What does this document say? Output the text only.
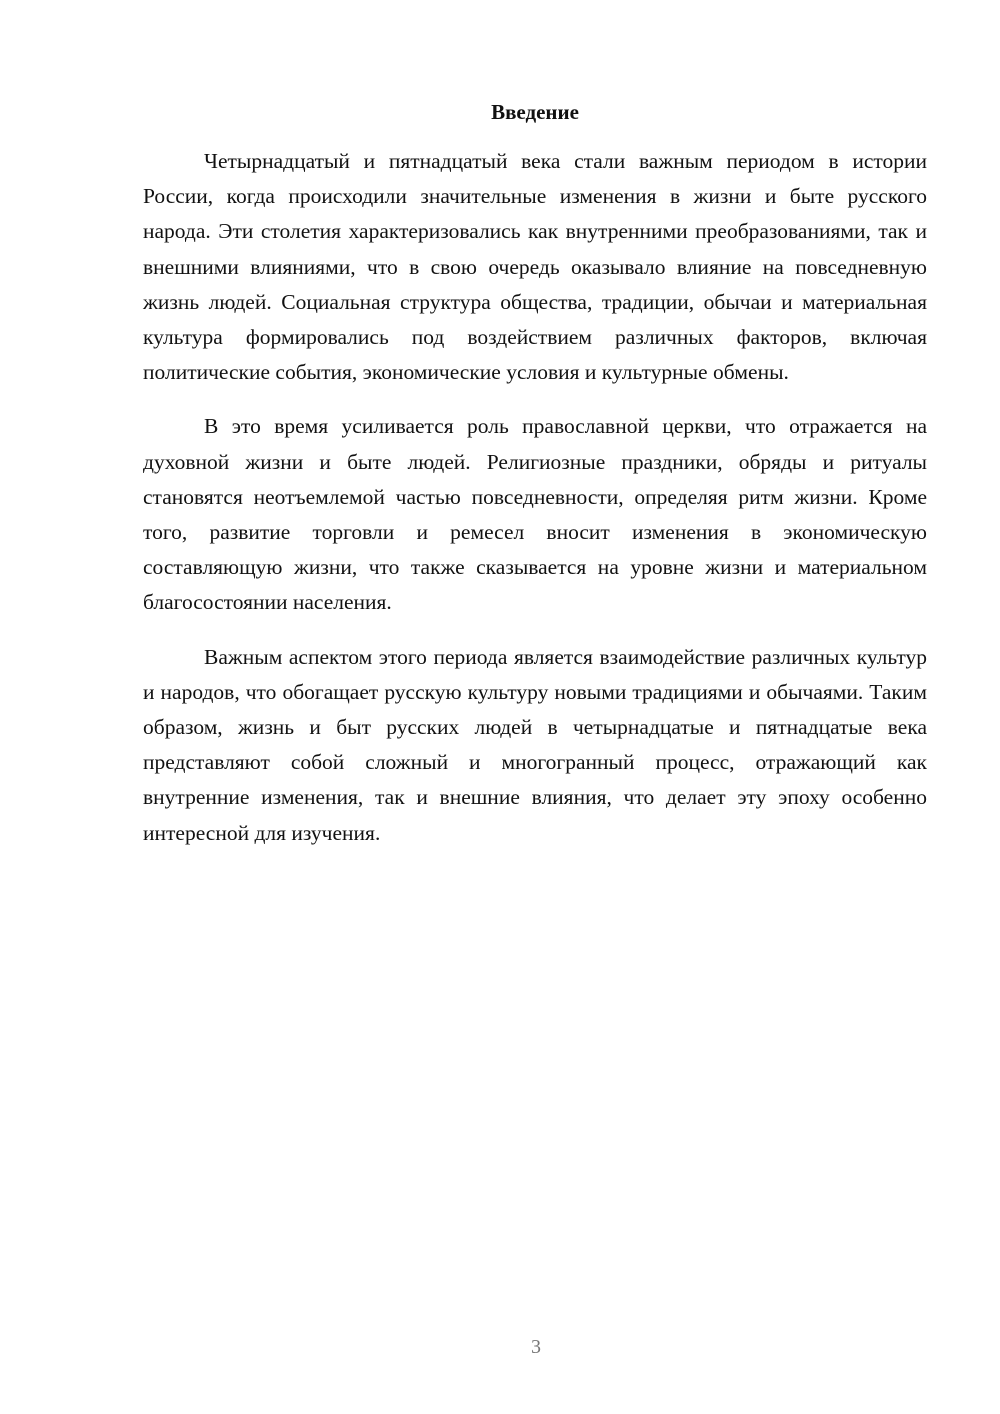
Введение

Четырнадцатый и пятнадцатый века стали важным периодом в истории России, когда происходили значительные изменения в жизни и быте русского народа. Эти столетия характеризовались как внутренними преобразованиями, так и внешними влияниями, что в свою очередь оказывало влияние на повседневную жизнь людей. Социальная структура общества, традиции, обычаи и материальная культура формировались под воздействием различных факторов, включая политические события, экономические условия и культурные обмены.

В это время усиливается роль православной церкви, что отражается на духовной жизни и быте людей. Религиозные праздники, обряды и ритуалы становятся неотъемлемой частью повседневности, определяя ритм жизни. Кроме того, развитие торговли и ремесел вносит изменения в экономическую составляющую жизни, что также сказывается на уровне жизни и материальном благосостоянии населения.

Важным аспектом этого периода является взаимодействие различных культур и народов, что обогащает русскую культуру новыми традициями и обычаями. Таким образом, жизнь и быт русских людей в четырнадцатые и пятнадцатые века представляют собой сложный и многогранный процесс, отражающий как внутренние изменения, так и внешние влияния, что делает эту эпоху особенно интересной для изучения.

3
